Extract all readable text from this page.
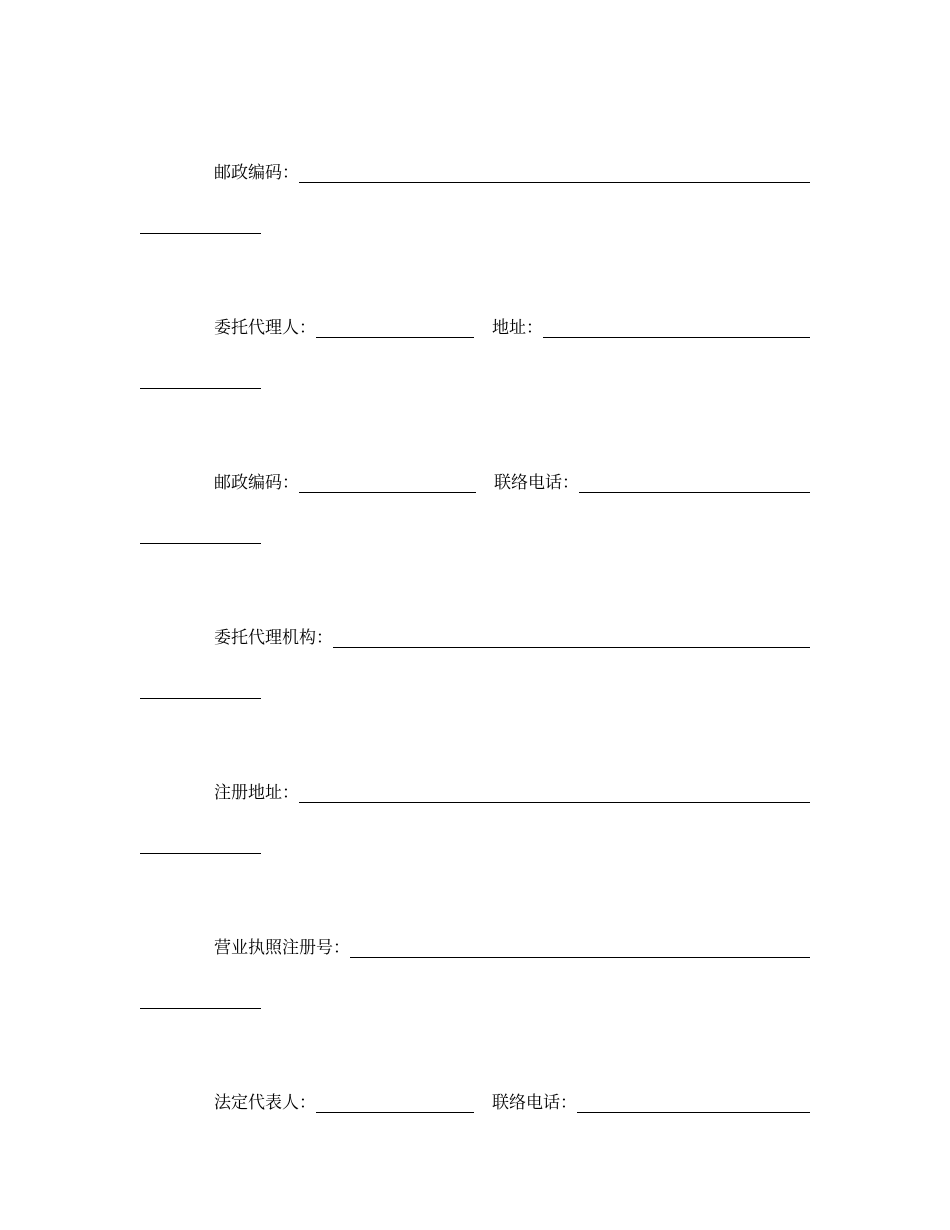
邮政编码：
委托代理人：	地址：
邮政编码：	联络电话：
委托代理机构：
注册地址：
营业执照注册号：
法定代表人：	联络电话：
